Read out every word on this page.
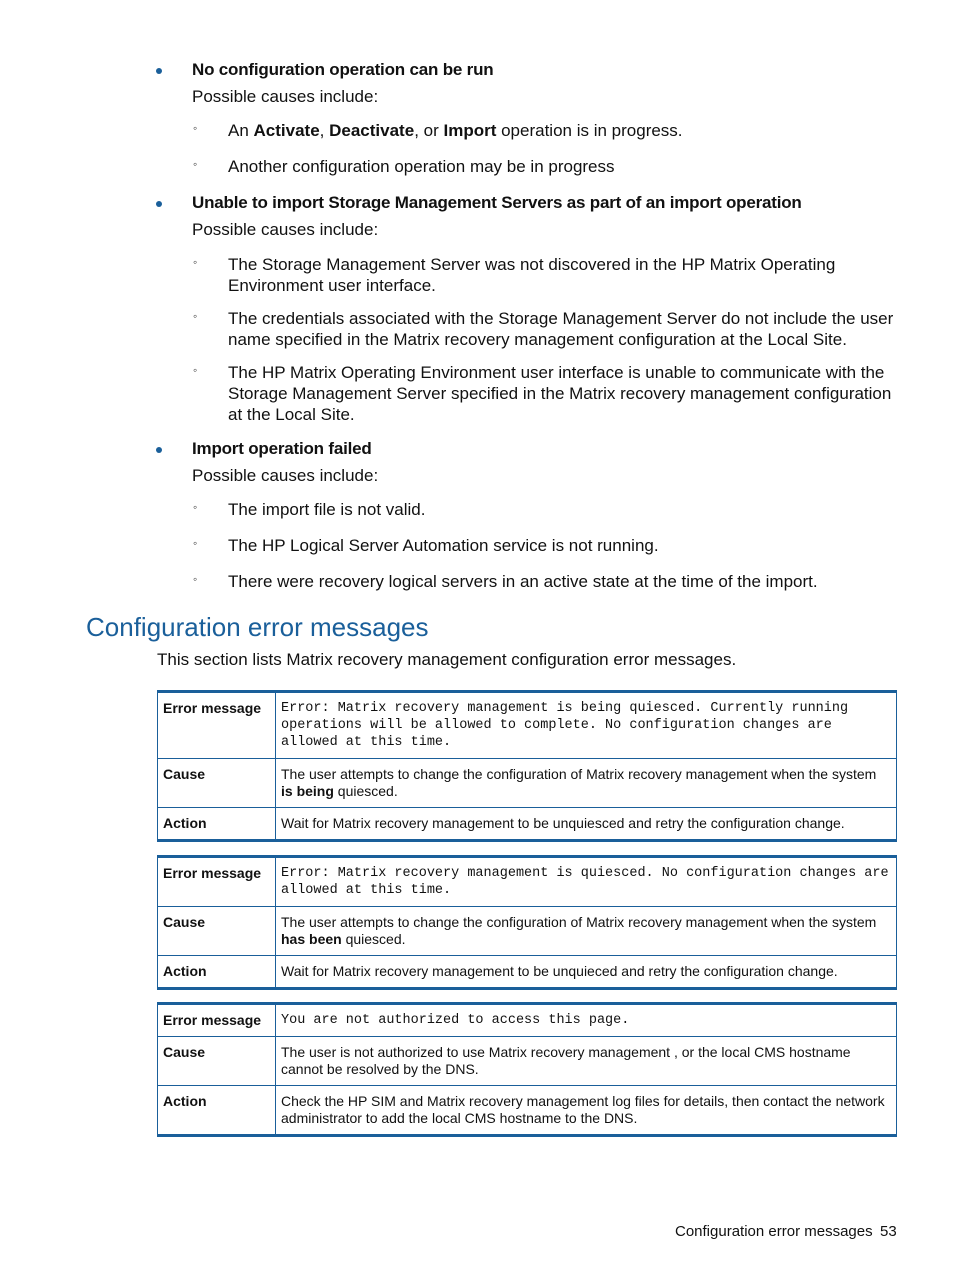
No configuration operation can be run
Possible causes include:
◦ An Activate, Deactivate, or Import operation is in progress.
◦ Another configuration operation may be in progress
Unable to import Storage Management Servers as part of an import operation
Possible causes include:
◦ The Storage Management Server was not discovered in the HP Matrix Operating Environment user interface.
◦ The credentials associated with the Storage Management Server do not include the user name specified in the Matrix recovery management configuration at the Local Site.
◦ The HP Matrix Operating Environment user interface is unable to communicate with the Storage Management Server specified in the Matrix recovery management configuration at the Local Site.
Import operation failed
Possible causes include:
◦ The import file is not valid.
◦ The HP Logical Server Automation service is not running.
◦ There were recovery logical servers in an active state at the time of the import.
Configuration error messages
This section lists Matrix recovery management configuration error messages.
Error message	Error: Matrix recovery management is being quiesced. Currently running operations will be allowed to complete. No configuration changes are allowed at this time.
Cause	The user attempts to change the configuration of Matrix recovery management when the system is being quiesced.
Action	Wait for Matrix recovery management to be unquiesced and retry the configuration change.
Error message	Error: Matrix recovery management is quiesced. No configuration changes are allowed at this time.
Cause	The user attempts to change the configuration of Matrix recovery management when the system has been quiesced.
Action	Wait for Matrix recovery management to be unquieced and retry the configuration change.
Error message	You are not authorized to access this page.
Cause	The user is not authorized to use Matrix recovery management , or the local CMS hostname cannot be resolved by the DNS.
Action	Check the HP SIM and Matrix recovery management log files for details, then contact the network administrator to add the local CMS hostname to the DNS.
Configuration error messages 53
